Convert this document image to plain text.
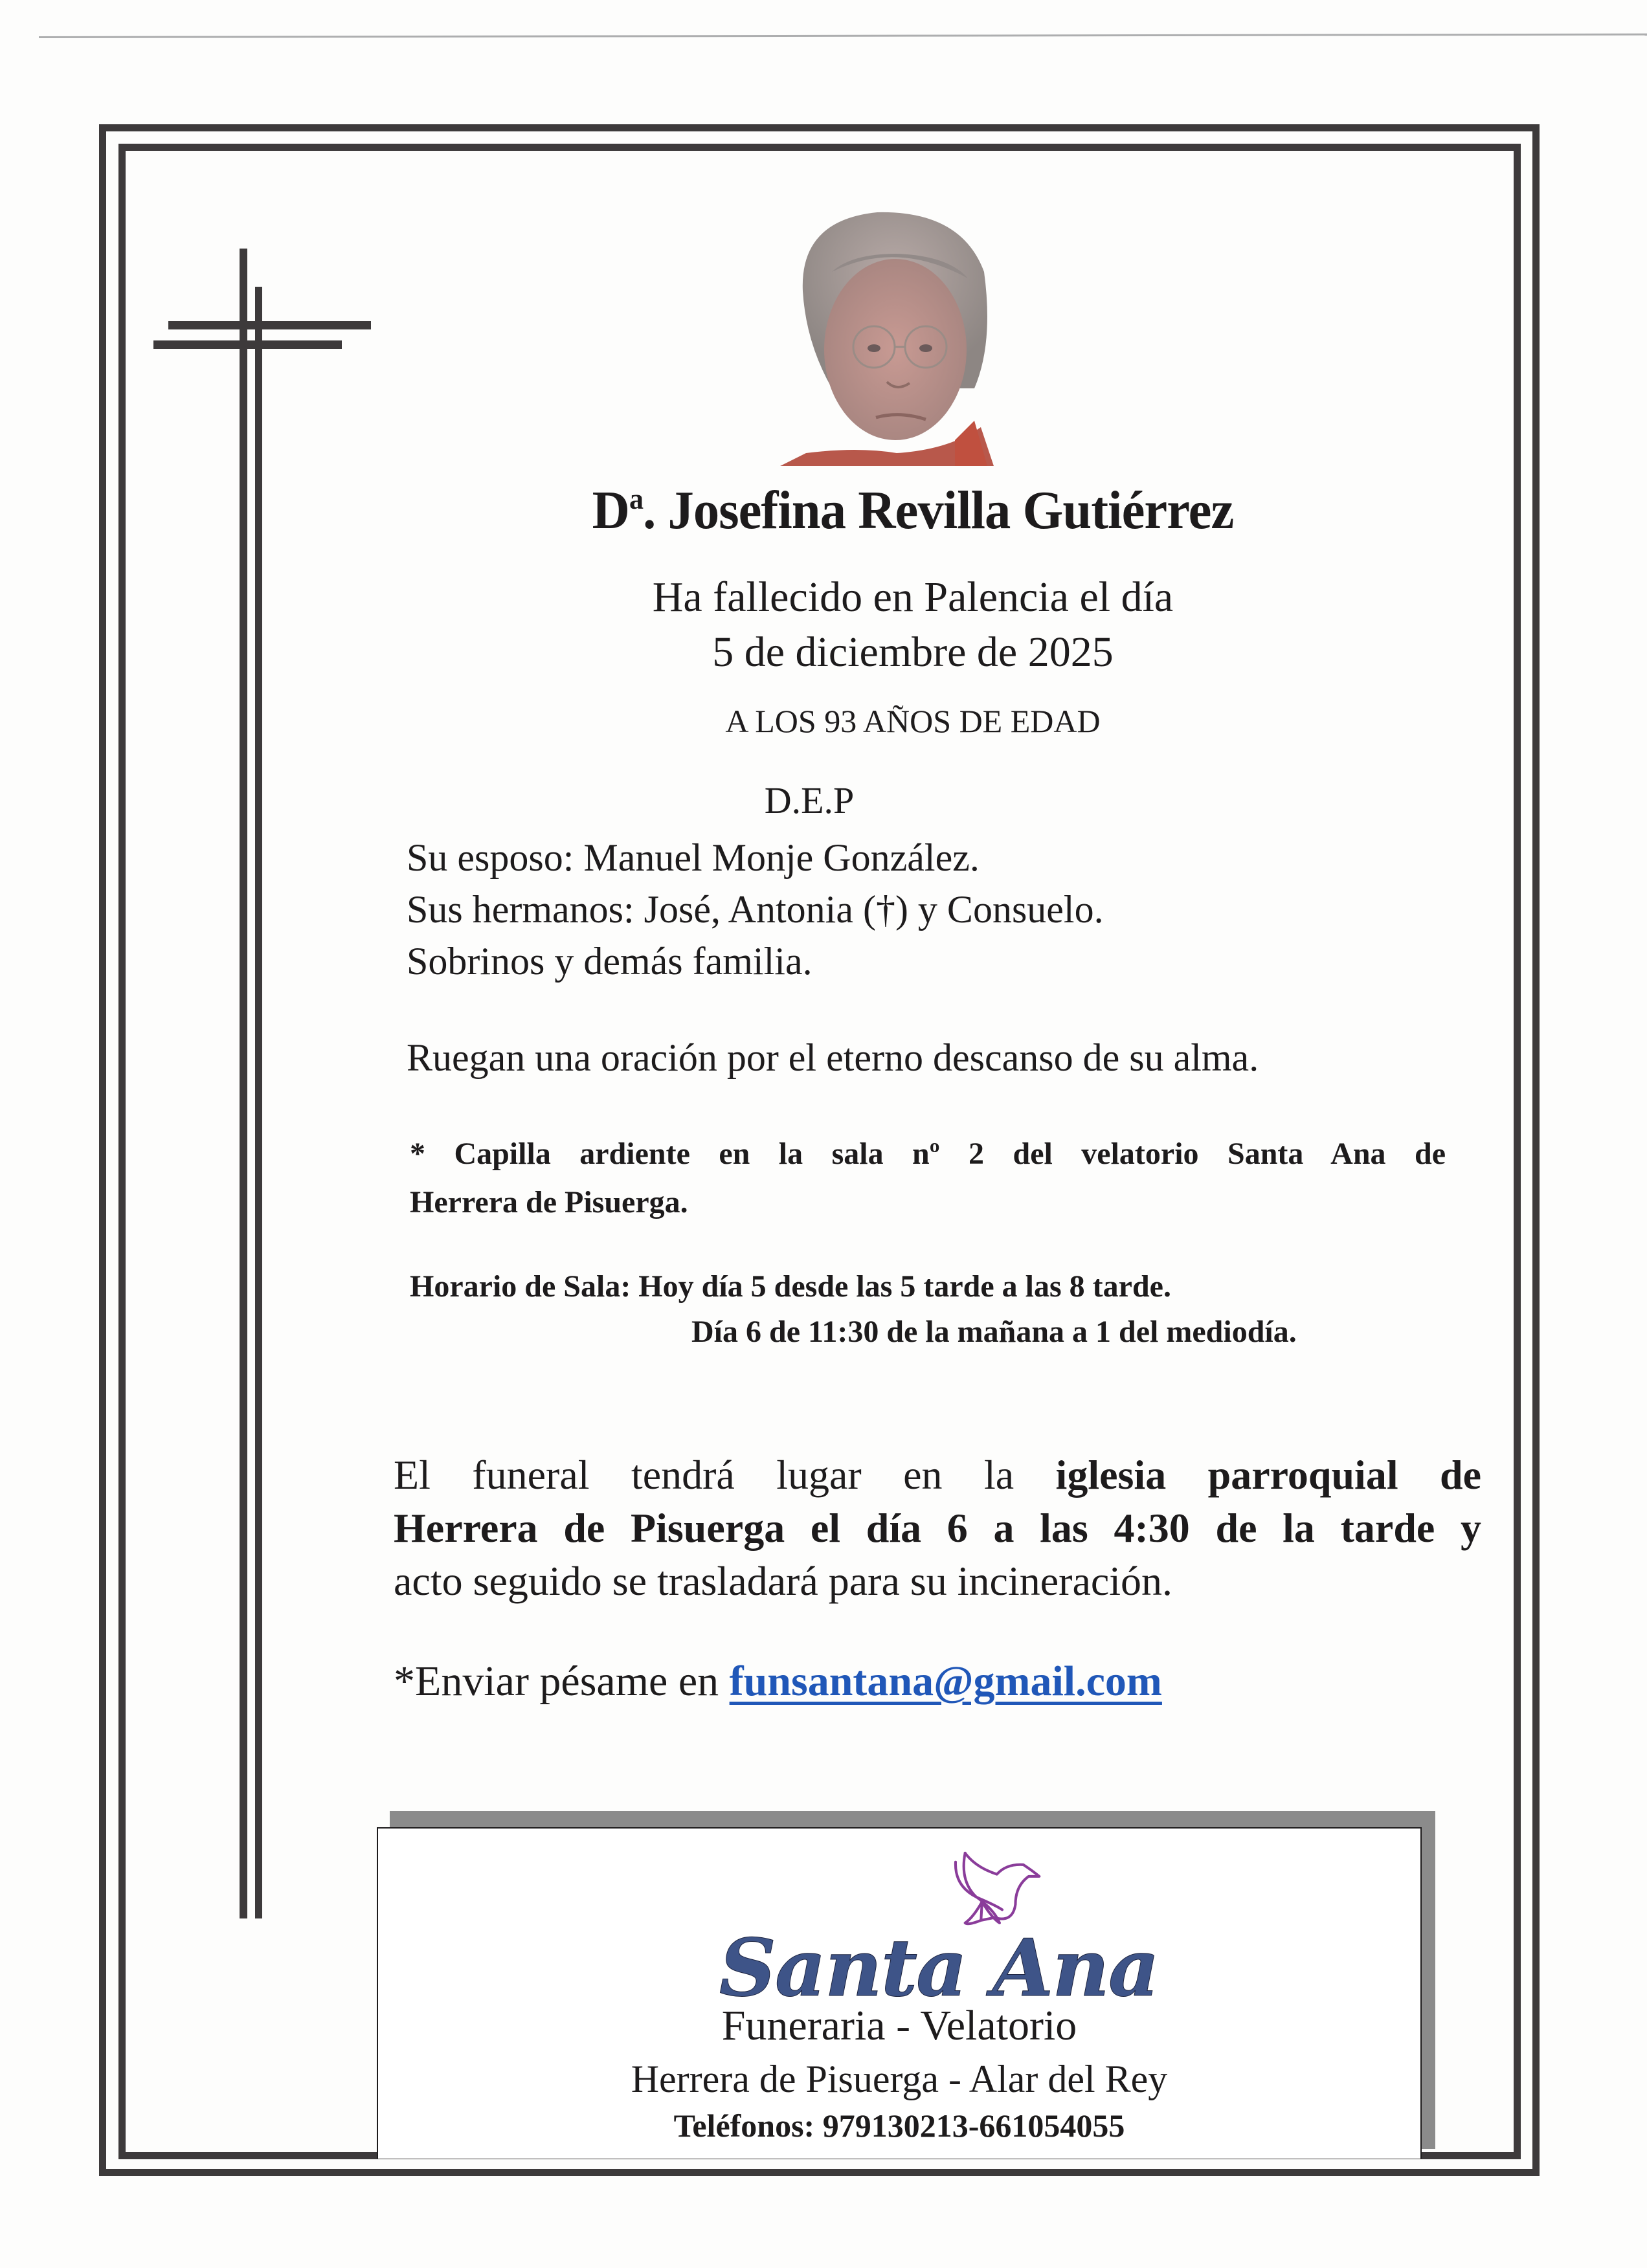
$D^a$. Josefina Revilla Gutiérrez
Ha fallecido en Palencia el día
5 de diciembre de 2025
A LOS 93 AÑOS DE EDAD
D.E.P
Su esposo: Manuel Monje González.
Sus hermanos: José, Antonia (†) y Consuelo.
Sobrinos y demás familia.
Ruegan una oración por el eterno descanso de su alma.
* Capilla ardiente en la sala nº 2 del velatorio Santa Ana de
Herrera de Pisuerga.
Horario de Sala: Hoy día 5 desde las 5 tarde a las 8 tarde.
Día 6 de 11:30 de la mañana a 1 del mediodía.
El funeral tendrá lugar en la iglesia parroquial de
Herrera de Pisuerga el día 6 a las 4:30 de la tarde y
acto seguido se trasladará para su incineración.
*Enviar pésame en funsantana@gmail.com
Santa Ana
Funeraria - Velatorio
Herrera de Pisuerga - Alar del Rey
Teléfonos: 979130213-661054055
